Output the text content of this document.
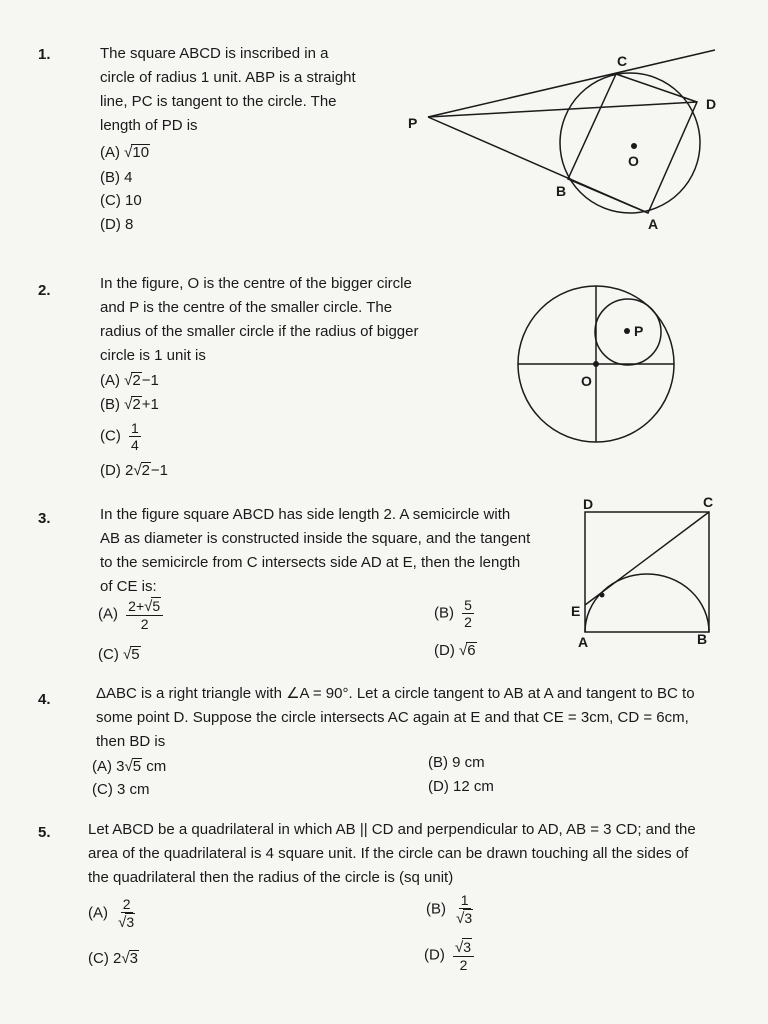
1.	The square ABCD is inscribed in a
circle of radius 1 unit. ABP is a straight
line, PC is tangent to the circle. The
length of PD is
(A) √10
(B) 4
(C) 10
(D) 8
C
D
P
O
B
A
2.	In the figure, O is the centre of the bigger circle
and P is the centre of the smaller circle. The
radius of the smaller circle if the radius of bigger
circle is 1 unit is
(A) √2−1
(B) √2+1
$(C) \frac{1}{4}$
(D) 2√2−1
P
O
3.	In the figure square ABCD has side length 2. A semicircle with
AB as diameter is constructed inside the square, and the tangent
to the semicircle from C intersects side AD at E, then the length
of CE is:
$(A) \frac{2+√5}{2}$	$(B) \frac{5}{2}$
(C) √5	(D) √6
D	C
E
A	B
4.	ΔABC is a right triangle with ∠A = 90°. Let a circle tangent to AB at A and tangent to BC to
some point D. Suppose the circle intersects AC again at E and that CE = 3cm, CD = 6cm,
then BD is
(A) 3√5 cm	(B) 9 cm
(C) 3 cm	(D) 12 cm
5. Let ABCD be a quadrilateral in which AB || CD and perpendicular to AD, AB = 3 CD; and the
area of the quadrilateral is 4 square unit. If the circle can be drawn touching all the sides of
the quadrilateral then the radius of the circle is (sq unit)
$(A) \frac{2}{√3}$	$(B) \frac{1}{√3}$
(C) 2√3	$(D) \frac{√3}{2}$
